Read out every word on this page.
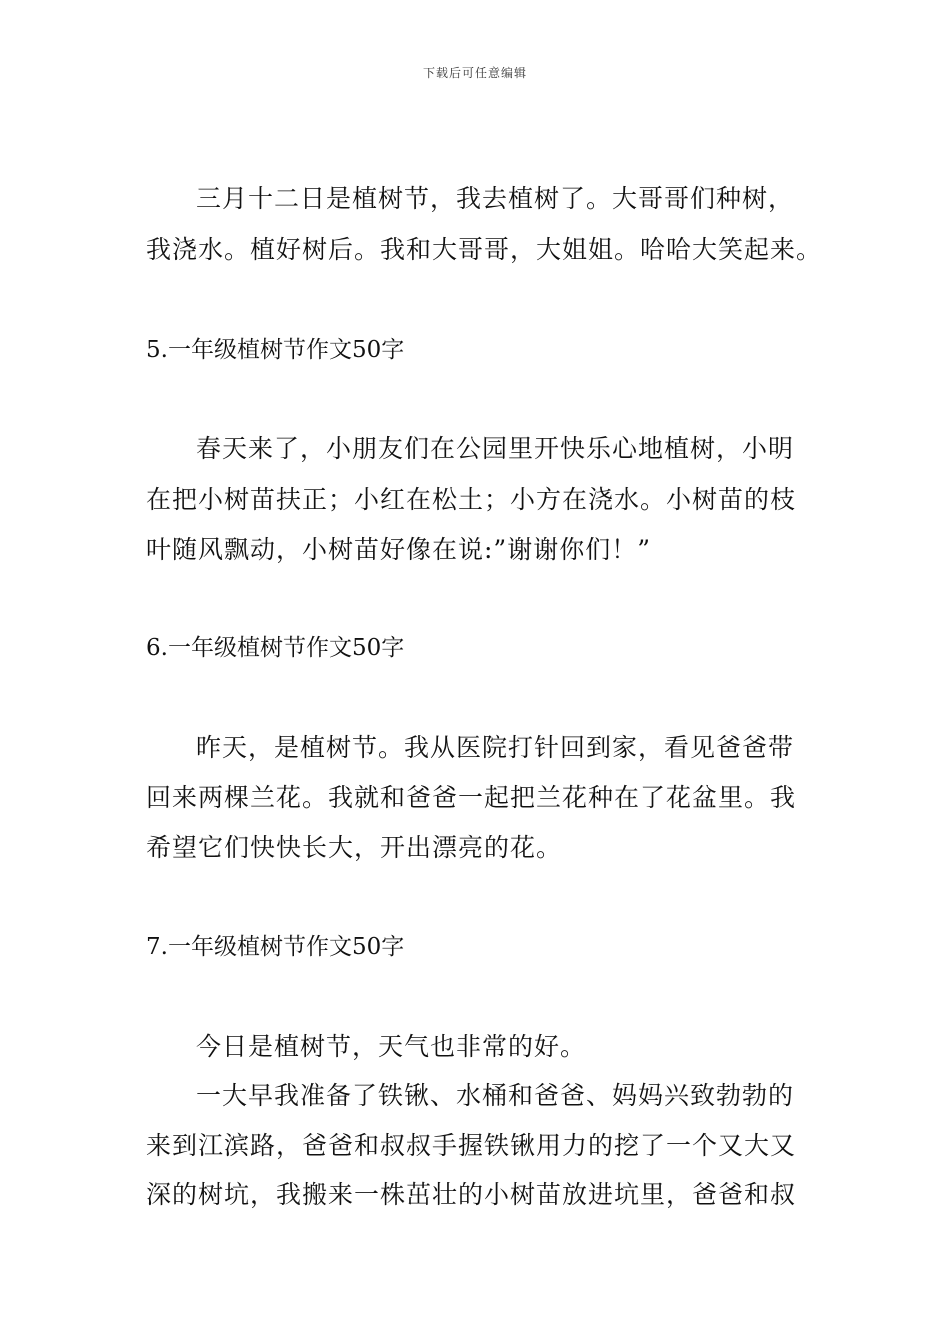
下载后可任意编辑
三月十二日是植树节，我去植树了。大哥哥们种树，
我浇水。植好树后。我和大哥哥，大姐姐。哈哈大笑起来。
5.一年级植树节作文50字
春天来了，小朋友们在公园里开快乐心地植树，小明
在把小树苗扶正；小红在松土；小方在浇水。小树苗的枝
叶随风飘动，小树苗好像在说:”谢谢你们！”
6.一年级植树节作文50字
昨天，是植树节。我从医院打针回到家，看见爸爸带
回来两棵兰花。我就和爸爸一起把兰花种在了花盆里。我
希望它们快快长大，开出漂亮的花。
7.一年级植树节作文50字
今日是植树节，天气也非常的好。
一大早我准备了铁锹、水桶和爸爸、妈妈兴致勃勃的
来到江滨路，爸爸和叔叔手握铁锹用力的挖了一个又大又
深的树坑，我搬来一株茁壮的小树苗放进坑里，爸爸和叔
